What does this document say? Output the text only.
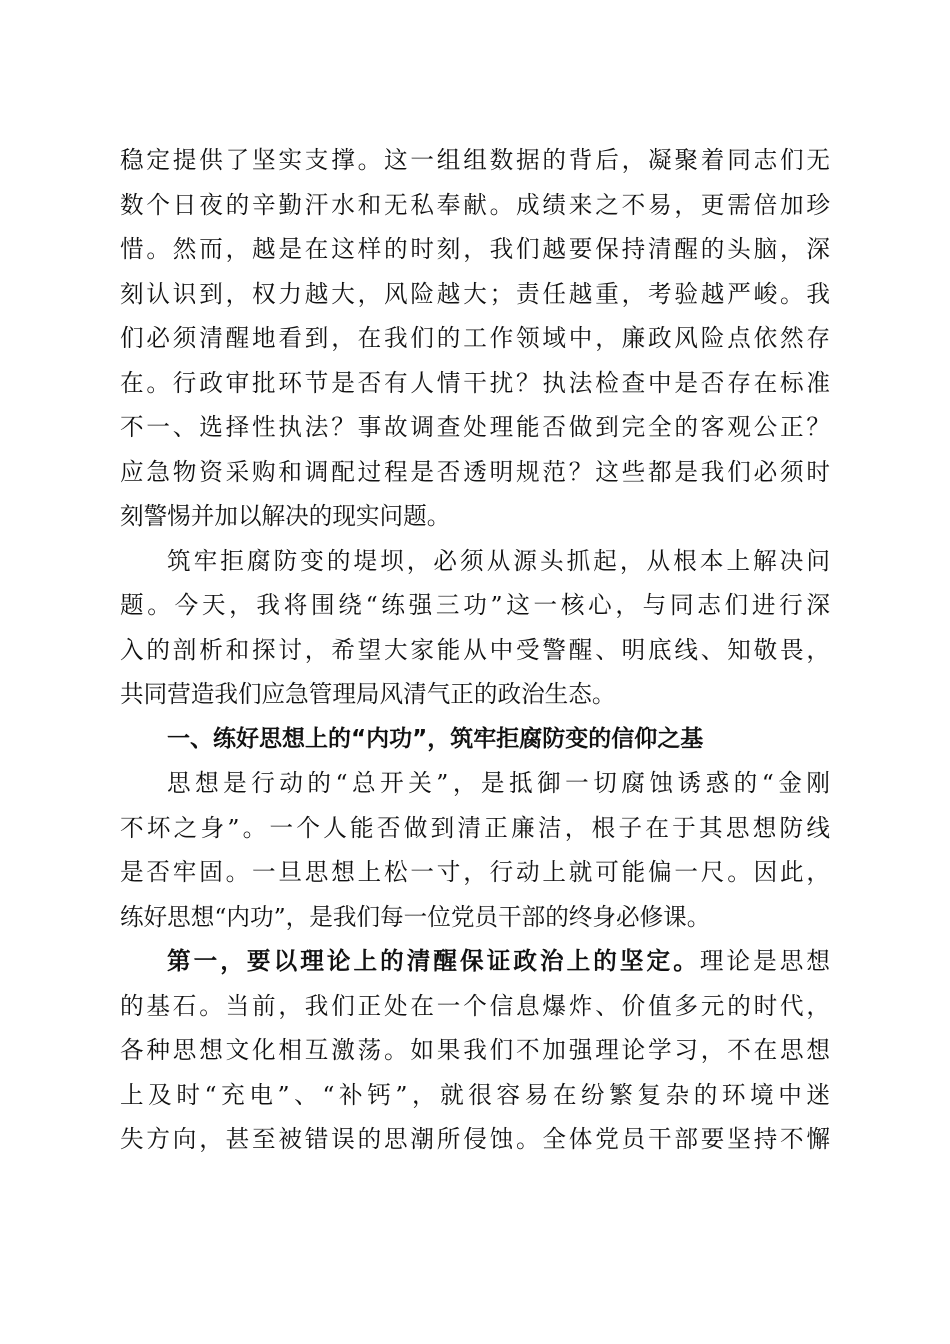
稳定提供了坚实支撑。这一组组数据的背后，凝聚着同志们无
数个日夜的辛勤汗水和无私奉献。成绩来之不易，更需倍加珍
惜。然而，越是在这样的时刻，我们越要保持清醒的头脑，深
刻认识到，权力越大，风险越大；责任越重，考验越严峻。我
们必须清醒地看到，在我们的工作领域中，廉政风险点依然存
在。行政审批环节是否有人情干扰？执法检查中是否存在标准
不一、选择性执法？事故调查处理能否做到完全的客观公正？
应急物资采购和调配过程是否透明规范？这些都是我们必须时
刻警惕并加以解决的现实问题。

筑牢拒腐防变的堤坝，必须从源头抓起，从根本上解决问
题。今天，我将围绕“练强三功”这一核心，与同志们进行深
入的剖析和探讨，希望大家能从中受警醒、明底线、知敬畏，
共同营造我们应急管理局风清气正的政治生态。

一、练好思想上的“内功”，筑牢拒腐防变的信仰之基

思想是行动的“总开关”，是抵御一切腐蚀诱惑的“金刚
不坏之身”。一个人能否做到清正廉洁，根子在于其思想防线
是否牢固。一旦思想上松一寸，行动上就可能偏一尺。因此，
练好思想“内功”，是我们每一位党员干部的终身必修课。

第一，要以理论上的清醒保证政治上的坚定。理论是思想
的基石。当前，我们正处在一个信息爆炸、价值多元的时代，
各种思想文化相互激荡。如果我们不加强理论学习，不在思想
上及时“充电”、“补钙”，就很容易在纷繁复杂的环境中迷
失方向，甚至被错误的思潮所侵蚀。全体党员干部要坚持不懈
